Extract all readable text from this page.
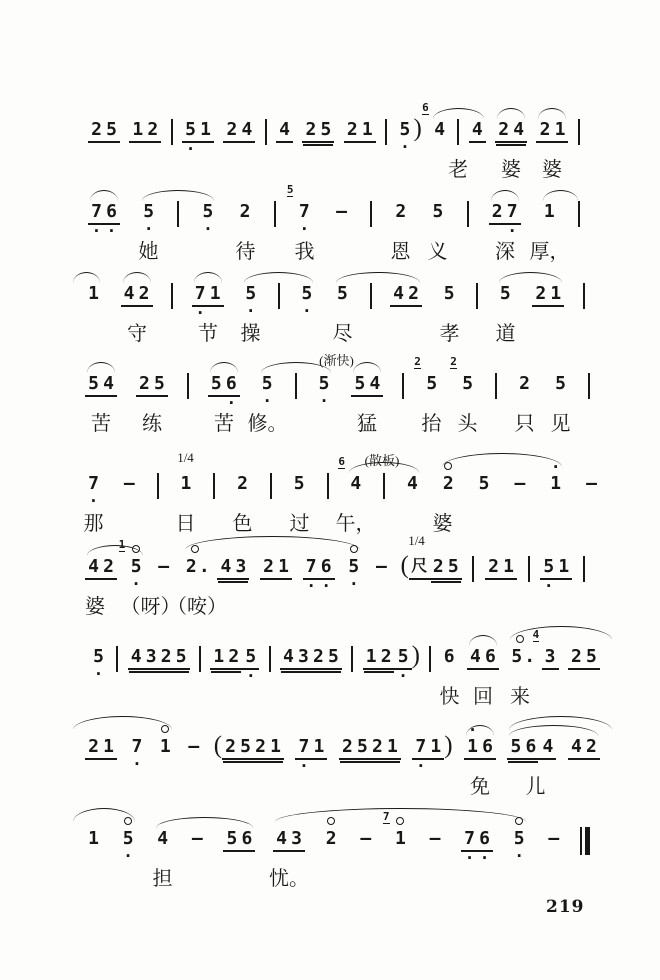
2 5 1 2 5 1
·
2 4 4 2 5 2 1 5
·
) 4
6
4 2 4 2 1
老 婆 婆
7 6
· ·
5
·
5
·
2	7
·
5
–	2 5	2 7
·
1
她	待 我	恩 义 深 厚，
1 4 2	7 1
·
5
·
5
·
5	4 2 5	5 2 1
守	节 操	尽	孝 道
5 4 2 5	5 6
·
5
·
5
·
5 4	5
2
5
2
2 5
苦 练	苦 修。	猛 抬 头 只 见
(渐快)
7
·
–	1	2	5	4
6
4 2 5 –
·
1 –
那	日 色 过 午，	婆
1/4	(散板)
4 2 5
·
1
– 2 . 4 3 2 1 7 6
· ·
5
·
– ( 尺 2 5 2 1 5 1
·
婆 （呀）
（咹）
1/4
5
·
4 3 2 5 1 2 5
·
4 3 2 5 1 2 5
·
) 6 4 6 5 . 3
4
2 5
快 回 来
2 1 7
·
1 – ( 2 5 2 1 7 1
·
2 5 2 1 7 1
·
)
·
1 6 5 6 4 4 2
免 儿
1 5
·
4 – 5 6 4 3 2 – 1
7
– 7 6
· ·
5
·
–
担	忧。
219
